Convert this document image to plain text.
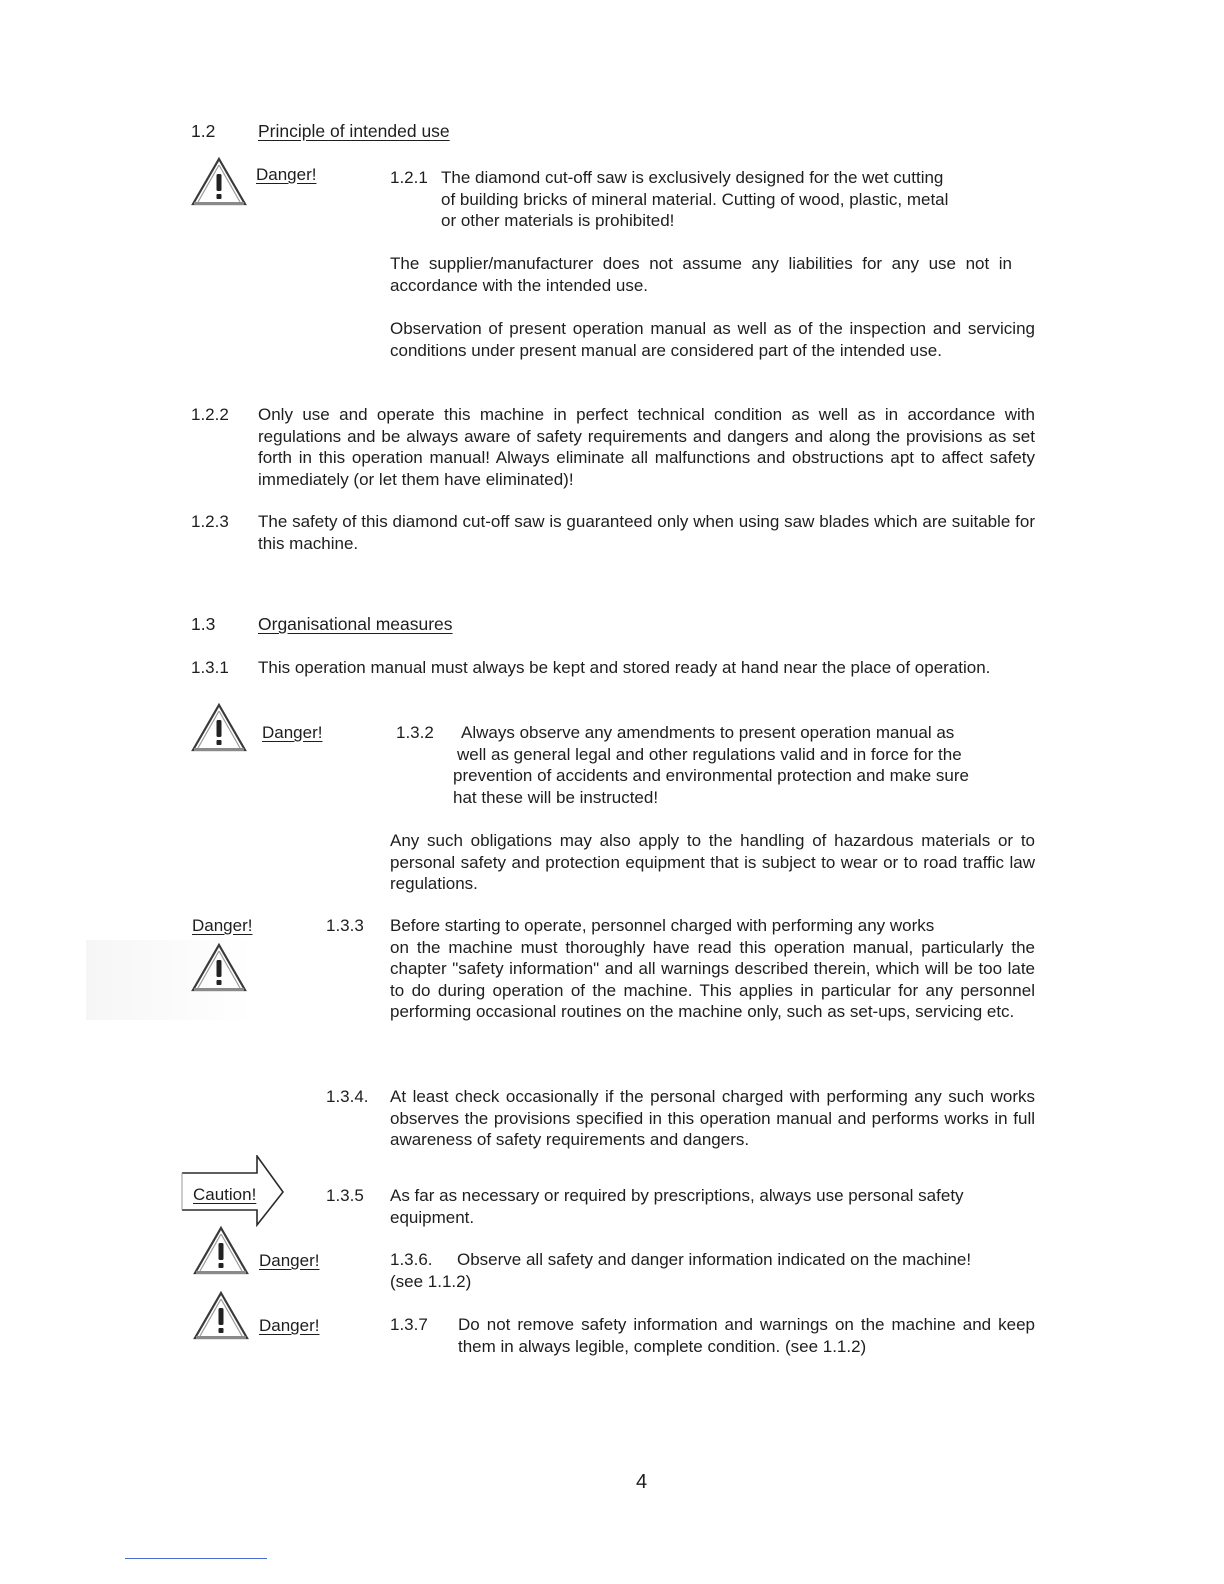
1.2 Principle of intended use
Danger!	1.2.1 The diamond cut-off saw is exclusively designed for the wet cutting
of building bricks of mineral material. Cutting of wood, plastic, metal
or other materials is prohibited!
The supplier/manufacturer does not assume any liabilities for any use not in accordance with the intended use.
Observation of present operation manual as well as of the inspection and servicing conditions under present manual are considered part of the intended use.
1.2.2 Only use and operate this machine in perfect technical condition as well as in accordance with regulations and be always aware of safety requirements and dangers and along the provisions as set forth in this operation manual! Always eliminate all malfunctions and obstructions apt to affect safety immediately (or let them have eliminated)!
1.2.3 The safety of this diamond cut-off saw is guaranteed only when using saw blades which are suitable for this machine.
1.3 Organisational measures
1.3.1 This operation manual must always be kept and stored ready at hand near the place of operation.
Danger!	1.3.2	Always observe any amendments to present operation manual as
well as general legal and other regulations valid and in force for the
prevention of accidents and environmental protection and make sure
hat these will be instructed!
Any such obligations may also apply to the handling of hazardous materials or to personal safety and protection equipment that is subject to wear or to road traffic law regulations.
Danger!	1.3.3 Before starting to operate, personnel charged with performing any works
on the machine must thoroughly have read this operation manual, particularly the chapter "safety information" and all warnings described therein, which will be too late to do during operation of the machine. This applies in particular for any personnel performing occasional routines on the machine only, such as set-ups, servicing etc.
1.3.4. At least check occasionally if the personal charged with performing any such works observes the provisions specified in this operation manual and performs works in full awareness of safety requirements and dangers.
Caution!	1.3.5 As far as necessary or required by prescriptions, always use personal safety equipment.
Danger!	1.3.6. Observe all safety and danger information indicated on the machine!
(see 1.1.2)
Danger!	1.3.7 Do not remove safety information and warnings on the machine and keep them in always legible, complete condition. (see 1.1.2)
4
